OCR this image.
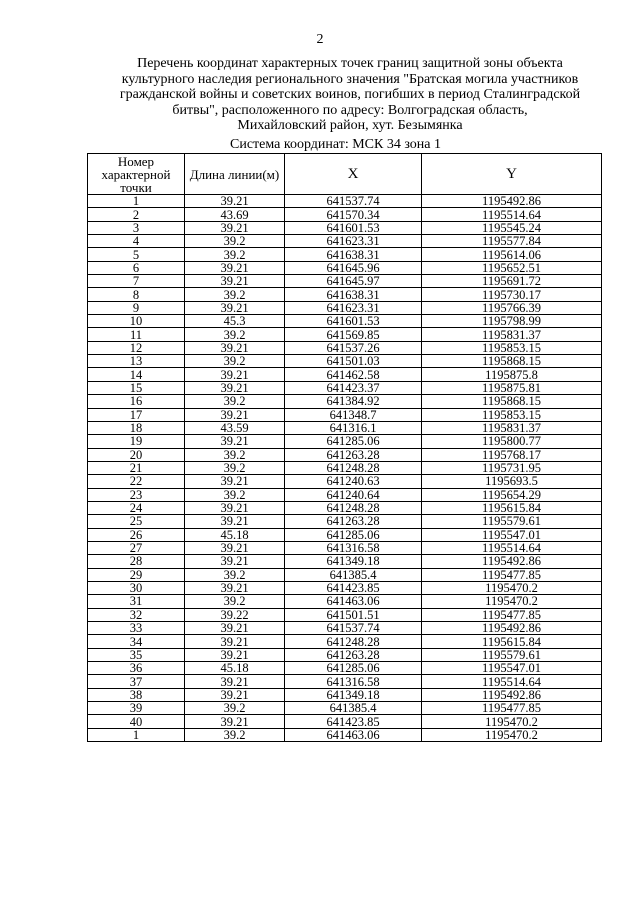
2
Перечень координат характерных точек границ защитной зоны объекта
культурного наследия регионального значения "Братская могила участников
гражданской войны и советских воинов, погибших в период Сталинградской
битвы", расположенного по адресу: Волгоградская область,
Михайловский район, хут. Безымянка
Система координат: МСК 34 зона 1
Номер характерной точки	Длина линии(м)	X	Y
1	39.21	641537.74	1195492.86
2	43.69	641570.34	1195514.64
3	39.21	641601.53	1195545.24
4	39.2	641623.31	1195577.84
5	39.2	641638.31	1195614.06
6	39.21	641645.96	1195652.51
7	39.21	641645.97	1195691.72
8	39.2	641638.31	1195730.17
9	39.21	641623.31	1195766.39
10	45.3	641601.53	1195798.99
11	39.2	641569.85	1195831.37
12	39.21	641537.26	1195853.15
13	39.2	641501.03	1195868.15
14	39.21	641462.58	1195875.8
15	39.21	641423.37	1195875.81
16	39.2	641384.92	1195868.15
17	39.21	641348.7	1195853.15
18	43.59	641316.1	1195831.37
19	39.21	641285.06	1195800.77
20	39.2	641263.28	1195768.17
21	39.2	641248.28	1195731.95
22	39.21	641240.63	1195693.5
23	39.2	641240.64	1195654.29
24	39.21	641248.28	1195615.84
25	39.21	641263.28	1195579.61
26	45.18	641285.06	1195547.01
27	39.21	641316.58	1195514.64
28	39.21	641349.18	1195492.86
29	39.2	641385.4	1195477.85
30	39.21	641423.85	1195470.2
31	39.2	641463.06	1195470.2
32	39.22	641501.51	1195477.85
33	39.21	641537.74	1195492.86
34	39.21	641248.28	1195615.84
35	39.21	641263.28	1195579.61
36	45.18	641285.06	1195547.01
37	39.21	641316.58	1195514.64
38	39.21	641349.18	1195492.86
39	39.2	641385.4	1195477.85
40	39.21	641423.85	1195470.2
1	39.2	641463.06	1195470.2
